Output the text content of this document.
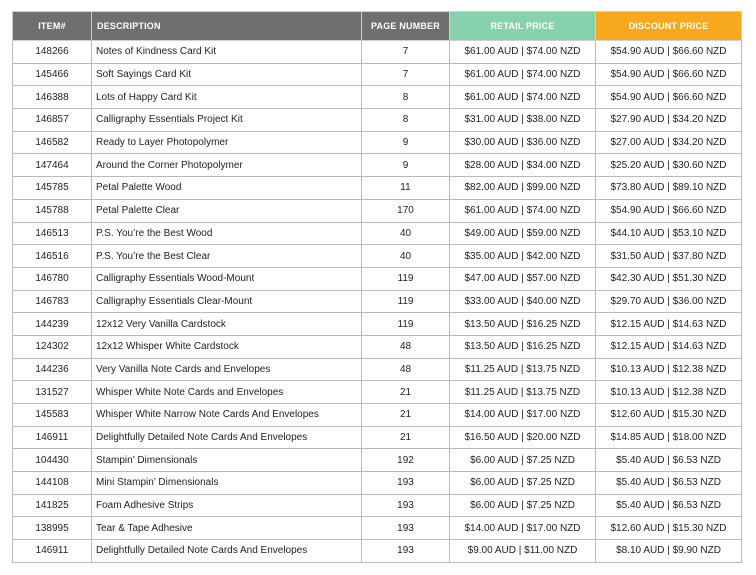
ITEM#	DESCRIPTION	PAGE NUMBER	RETAIL PRICE	DISCOUNT PRICE
148266	Notes of Kindness Card Kit	7	$61.00 AUD | $74.00 NZD	$54.90 AUD | $66.60 NZD
145466	Soft Sayings Card Kit	7	$61.00 AUD | $74.00 NZD	$54.90 AUD | $66.60 NZD
146388	Lots of Happy Card Kit	8	$61.00 AUD | $74.00 NZD	$54.90 AUD | $66.60 NZD
146857	Calligraphy Essentials Project Kit	8	$31.00 AUD | $38.00 NZD	$27.90 AUD | $34.20 NZD
146582	Ready to Layer Photopolymer	9	$30.00 AUD | $36.00 NZD	$27.00 AUD | $34.20 NZD
147464	Around the Corner Photopolymer	9	$28.00 AUD | $34.00 NZD	$25.20 AUD | $30.60 NZD
145785	Petal Palette Wood	11	$82.00 AUD | $99.00 NZD	$73.80 AUD | $89.10 NZD
145788	Petal Palette Clear	170	$61.00 AUD | $74.00 NZD	$54.90 AUD | $66.60 NZD
146513	P.S. You’re the Best Wood	40	$49.00 AUD | $59.00 NZD	$44.10 AUD | $53.10 NZD
146516	P.S. You’re the Best Clear	40	$35.00 AUD | $42.00 NZD	$31.50 AUD | $37.80 NZD
146780	Calligraphy Essentials Wood-Mount	119	$47.00 AUD | $57.00 NZD	$42.30 AUD | $51.30 NZD
146783	Calligraphy Essentials Clear-Mount	119	$33.00 AUD | $40.00 NZD	$29.70 AUD | $36.00 NZD
144239	12x12 Very Vanilla Cardstock	119	$13.50 AUD | $16.25 NZD	$12.15 AUD | $14.63 NZD
124302	12x12 Whisper White Cardstock	48	$13.50 AUD | $16.25 NZD	$12.15 AUD | $14.63 NZD
144236	Very Vanilla Note Cards and Envelopes	48	$11.25 AUD | $13.75 NZD	$10.13 AUD | $12.38 NZD
131527	Whisper White Note Cards and Envelopes	21	$11.25 AUD | $13.75 NZD	$10.13 AUD | $12.38 NZD
145583	Whisper White Narrow Note Cards And Envelopes	21	$14.00 AUD | $17.00 NZD	$12.60 AUD | $15.30 NZD
146911	Delightfully Detailed Note Cards And Envelopes	21	$16.50 AUD | $20.00 NZD	$14.85 AUD | $18.00 NZD
104430	Stampin’ Dimensionals	192	$6.00 AUD | $7.25 NZD	$5.40 AUD | $6.53 NZD
144108	Mini Stampin’ Dimensionals	193	$6.00 AUD | $7.25 NZD	$5.40 AUD | $6.53 NZD
141825	Foam Adhesive Strips	193	$6.00 AUD | $7.25 NZD	$5.40 AUD | $6.53 NZD
138995	Tear & Tape Adhesive	193	$14.00 AUD | $17.00 NZD	$12.60 AUD | $15.30 NZD
146911	Delightfully Detailed Note Cards And Envelopes	193	$9.00 AUD | $11.00 NZD	$8.10 AUD | $9.90 NZD
